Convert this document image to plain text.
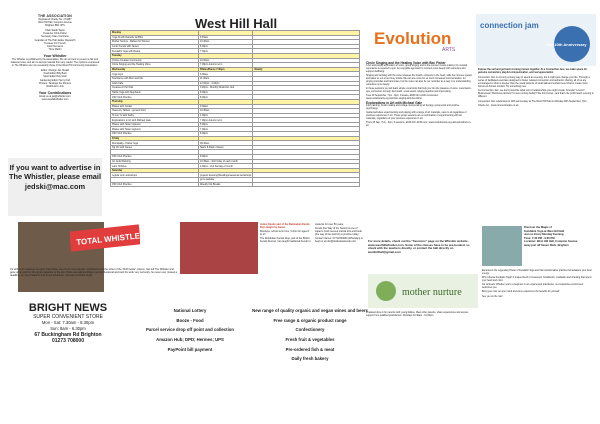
THE ASSOCIATION
Registered Charity No. 274387
West Hill Hall, Compton Avenue
Brighton BN1 3PS
Chair Sarah Taylor
Treasurer Chris Fisher
Secretary Clare Cochrane
Guardian of The Hall Jackie Clayworth
Trustees Jim French
Carol Nemeroo
Trixie Martin
Your Whistler
The Whistler is published by the Association. We do our best to present a fair and balanced view, and aim to accept material from any reader. The opinions expressed in The Whistler are not necessarily those of the West Hill Community Association.
Editor / Design Jan Herald
Food Editor Billy Bodi
Sport Editor Ray Stulz
Gardening Editor Henry Fish
Printers: Tanslogo the Printers
Distribution: Aris
Your Contributions
Email us at jan@whistler.com
www.westhillwhistler.com
If you want to advertise in The Whistler, please email jedski@mac.com
West Hill Hall
Monday		
Yoga fit with Danielle Griffiths	9.15am	
Mother Nurture - Babies for Women	10.30am	
Junior Kendo with James	5.00pm	
Kundalini Yoga with Bonita	7.30pm	
Tuesday		
Circles Creative Community	10.00am	
Circle Singing and the Healing Voice	7.00pm Autumn term	
Wednesday	Pilates/Dance 7.30pm	Weekly
Yoga Gym	9.00am	
Tea Dance with Mum and Me	11.00am	
Adult Cafe	12.00pm - 4.00pm	
Creative Art for Kids	3.45pm - Monthly Music/Art club	
Hatha Yoga with Stephanie	6.00pm	
15th Club Practice	8.00pm	
Thursday		
Pilates with Jordan	9.30am	
Heavenly Tablets - general food	10.30am	
Hi Lou Yo with Kathy	1.00pm	
Explorations in Art with Michael Gale	7.00pm Autumn term	
Pilates with Helen Ingleson	5.00pm	
Pilates with Helen Ingleson	7.00pm	
15th Club Practice	8.00pm	
Friday		
Mumstallig - Hatha Yoga	09.30am	
Taj Chi with James	Starts 8.30am classes	

15th Club Practice	8.00pm	
Art Guild Painting	10.45am - 3rd Friday of each month	
Latin Children	4.00pm - 2nd Sunday of month	
Saturday		
regular term workshops	projects listening/Weddings/seasonal workshops	
	go to website	
15th Club Practice	Weekly Out Breaks	
Evolution
ARTS
Circle Singing and the Healing Voice with Bec Fisher

A fun and playful exploration of voice, group singing and in-the-moment music-making. No musical experience is required to join. An enjoyable approach to connect more deeply with ourselves and support wellbeing.

Singing and working with the voice releases the breath, connects to the heart, stills the nervous system and takes us out of our busy minds. We can use voice for so much increased communication, for singing melodies and harmonies, but the voice can also be our reminder as a way in to understanding ourselves more deeply.

In these sessions you will learn simple vocal tools that help you into the pleasure of voice: vocal warm-ups, connection to body, the breath, vocal sound, singing together and improvising.

Tues 30 September, 7pm - 9pm, 9 weeks, £180 full / £140 concession. www.evolutionarts.org.uk/circle-singing-with-bec-fisher

Explorations in Art with Michael Gale

Inks, painting, brush-making and collage incorporating art therapy, group work and positive psychology.

Guided activities experimenting and playing with a range of art materials, open to all regardless of previous experience in art. These group sessions are a combination of experimenting with art materials, regardless of your previous experience in art.

Thurs 25 Sep, 7pm - 9pm, 9 sessions, £160 full / £135 conc. www.evolutionarts.org.uk/explorations-in-art

connection jam
Our 10th Anniversary

Expose the self and get back to being human together. At a Connection Jam, we make space for genuine connection, playful communication, and real appreciation

Connection Jam is not only a lovely way to spend an evening, but it might just change your life. Through a series of facilitated exercises designed to foster relaxed connection and authentic sharing, all of us are encouraged to drop in deeper than the usual patterns of small talk and surface level chat to create more human-to-human contact. Try something new.

As Connection Jam, we don't prescribe what sort of relationships you might create. Friends? Lovers? Businesses? Business partners? A new running buddy? We don't know - and that's the point! Each evening is different.

Connection Jam celebrates its 10th anniversary at The West Hill Hall on Monday 29th September, 7pm.

Check out - www.connectionjam.co.uk

TOTAL WHISTLE

It's with much sadness to report that Pickle, one of our most popular contributors and the writer of the "Ruff Guide" column, has left The Whistler and gone on to work for the great magazine in the sky. Pickle was always diligent and professional and took his work very seriously, he never ever missed a deadline, he never failed to find a new adventure, and was a brilliant laugh.

Junior Kendo part of the Dutskukan Kendo Dojo taught by James

Mondays, school term time, 5-6pm for ages 8 to 17.

The Dutskukan Kendo Dojo, part of the British Kendo Renmei, has taught traditional Kendo to students for over 50 years.

Kendo (the Way of the Sword) is one of Japan's most revered martial arts and budo (the way of the warrior) to practice today.

Contact James: 07712340000 (WhatsApp is best) or at info@dutskukankendo.com	For more details, check out the "Sessions" page on the Whistler website - www.westhillwhistler.com. Some of the classes have to be pre-booked, so check with the teachers directly, or contact the hall directly on westhillhall@gmail.com

mother nurture

A relaxed drop-in for parents with young babies. Meet other parents, share experiences and access support from qualified practitioners. Mondays 10.30am - 12.00pm.

Discover the Magic of

Kundalini Yoga at West Hill Hall

Join us Every Monday Evening

Time: 7:30 PM - 9:00 PM

Location: West Hill Hall, Compton Avenue

away just off Seven Dials, Brighton

Experience the Legendary Power of Kundalini Yoga and this transformative practice that awakens your inner energy.

Why Choose Kundalini Yoga? A unique blend of movement, breathwork, meditation and chanting that opens your heart and mind.

For all levels: Whether you're a beginner or an experienced practitioner, our supportive environment welcomes you.

Bring your mat, an open mind and come experience the benefits for yourself.

See you on the mat!

BRIGHT NEWS
SUPER CONVENIENT STORE
Mon - Sat: 7.30am - 8.30pm
Sun: 8am - 6.30pm
67 Buckingham Rd Brighton
01273 708000
National Lottery
Booze - Food
Parcel service drop off point and collection
Amazon Hub; DPD; Hermes; UPS
PayPoint bill payment
New range of quality organic and vegan wines and beers
Free range & organic product range
Confectionery
Fresh fruit & vegetables
Pre-ordered fish & meat
Daily fresh bakery
